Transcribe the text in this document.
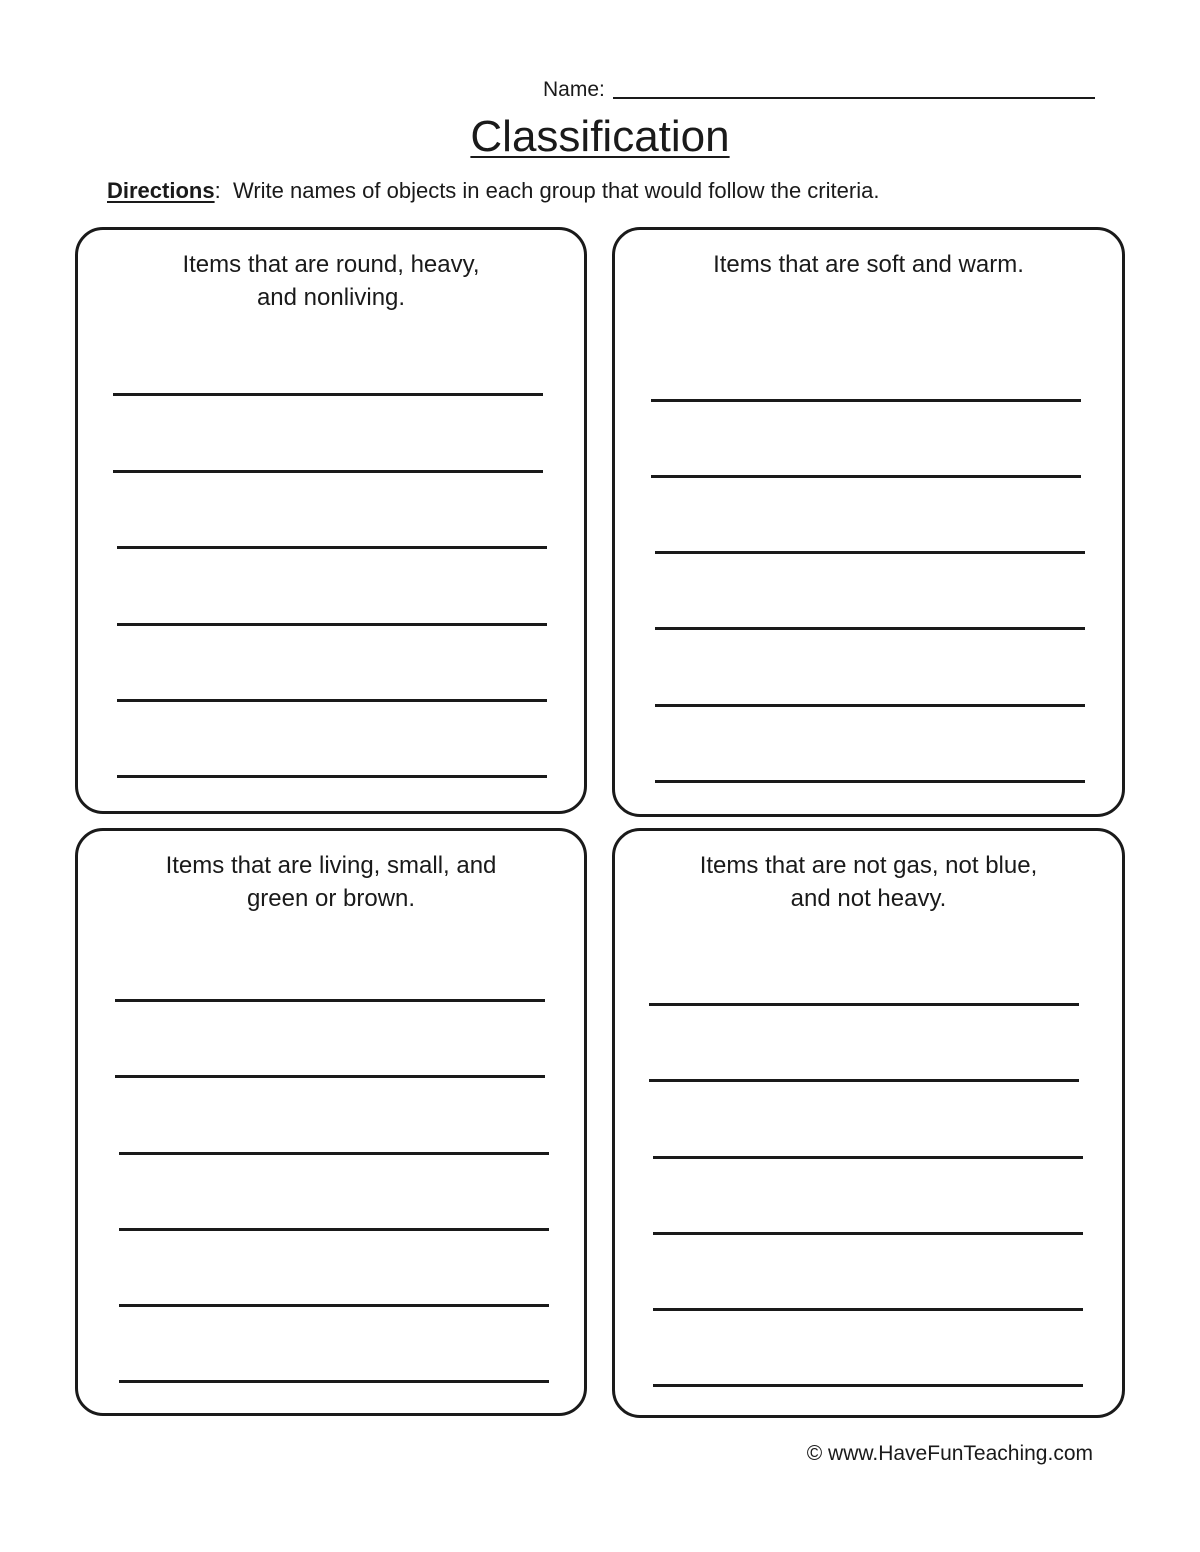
Name:
Classification
Directions: Write names of objects in each group that would follow the criteria.

Items that are round, heavy,
and nonliving.

Items that are soft and warm.

Items that are living, small, and
green or brown.

Items that are not gas, not blue,
and not heavy.

© www.HaveFunTeaching.com
